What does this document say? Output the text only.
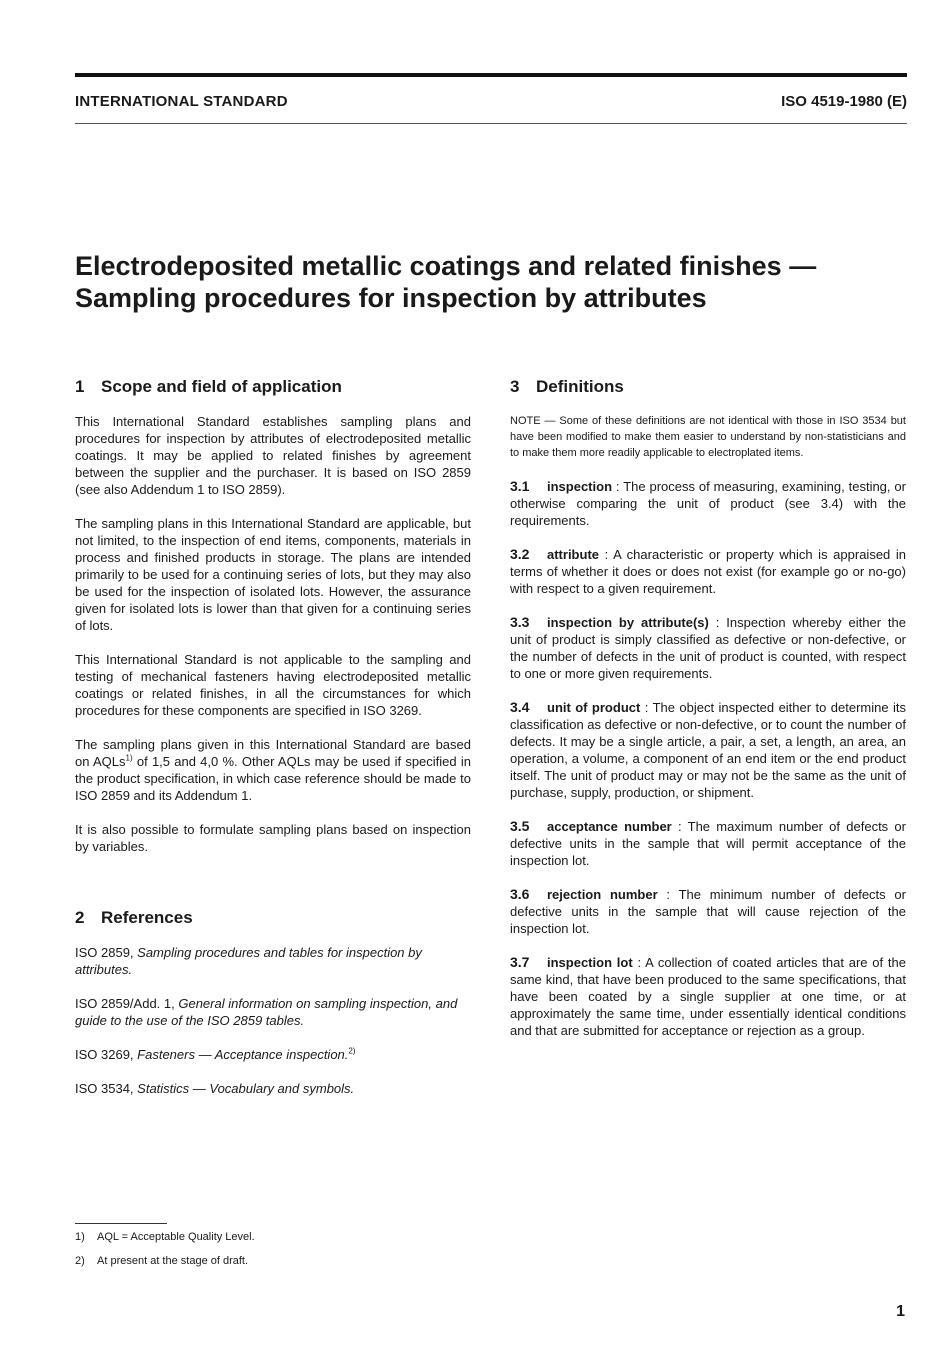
INTERNATIONAL STANDARD	ISO 4519-1980 (E)
Electrodeposited metallic coatings and related finishes —
Sampling procedures for inspection by attributes
1 Scope and field of application

This International Standard establishes sampling plans and procedures for inspection by attributes of electrodeposited metallic coatings. It may be applied to related finishes by agreement between the supplier and the purchaser. It is based on ISO 2859 (see also Addendum 1 to ISO 2859).

The sampling plans in this International Standard are applicable, but not limited, to the inspection of end items, components, materials in process and finished products in storage. The plans are intended primarily to be used for a continuing series of lots, but they may also be used for the inspection of isolated lots. However, the assurance given for isolated lots is lower than that given for a continuing series of lots.

This International Standard is not applicable to the sampling and testing of mechanical fasteners having electrodeposited metallic coatings or related finishes, in all the circumstances for which procedures for these components are specified in ISO 3269.

The sampling plans given in this International Standard are based on AQLs$^{1)}$ of 1,5 and 4,0 %. Other AQLs may be used if specified in the product specification, in which case reference should be made to ISO 2859 and its Addendum 1.

It is also possible to formulate sampling plans based on inspection by variables.

2 References

ISO 2859, Sampling procedures and tables for inspection by attributes.

ISO 2859/Add. 1, General information on sampling inspection, and guide to the use of the ISO 2859 tables.

ISO 3269, Fasteners — Acceptance inspection.$^{2)}$

ISO 3534, Statistics — Vocabulary and symbols.

3 Definitions

NOTE — Some of these definitions are not identical with those in ISO 3534 but have been modified to make them easier to understand by non-statisticians and to make them more readily applicable to electroplated items.

3.1 inspection : The process of measuring, examining, testing, or otherwise comparing the unit of product (see 3.4) with the requirements.

3.2 attribute : A characteristic or property which is appraised in terms of whether it does or does not exist (for example go or no-go) with respect to a given requirement.

3.3 inspection by attribute(s) : Inspection whereby either the unit of product is simply classified as defective or non-defective, or the number of defects in the unit of product is counted, with respect to one or more given requirements.

3.4 unit of product : The object inspected either to determine its classification as defective or non-defective, or to count the number of defects. It may be a single article, a pair, a set, a length, an area, an operation, a volume, a component of an end item or the end product itself. The unit of product may or may not be the same as the unit of purchase, supply, production, or shipment.

3.5 acceptance number : The maximum number of defects or defective units in the sample that will permit acceptance of the inspection lot.

3.6 rejection number : The minimum number of defects or defective units in the sample that will cause rejection of the inspection lot.

3.7 inspection lot : A collection of coated articles that are of the same kind, that have been produced to the same specifications, that have been coated by a single supplier at one time, or at approximately the same time, under essentially identical conditions and that are submitted for acceptance or rejection as a group.

1) AQL = Acceptable Quality Level.
2) At present at the stage of draft.
1
